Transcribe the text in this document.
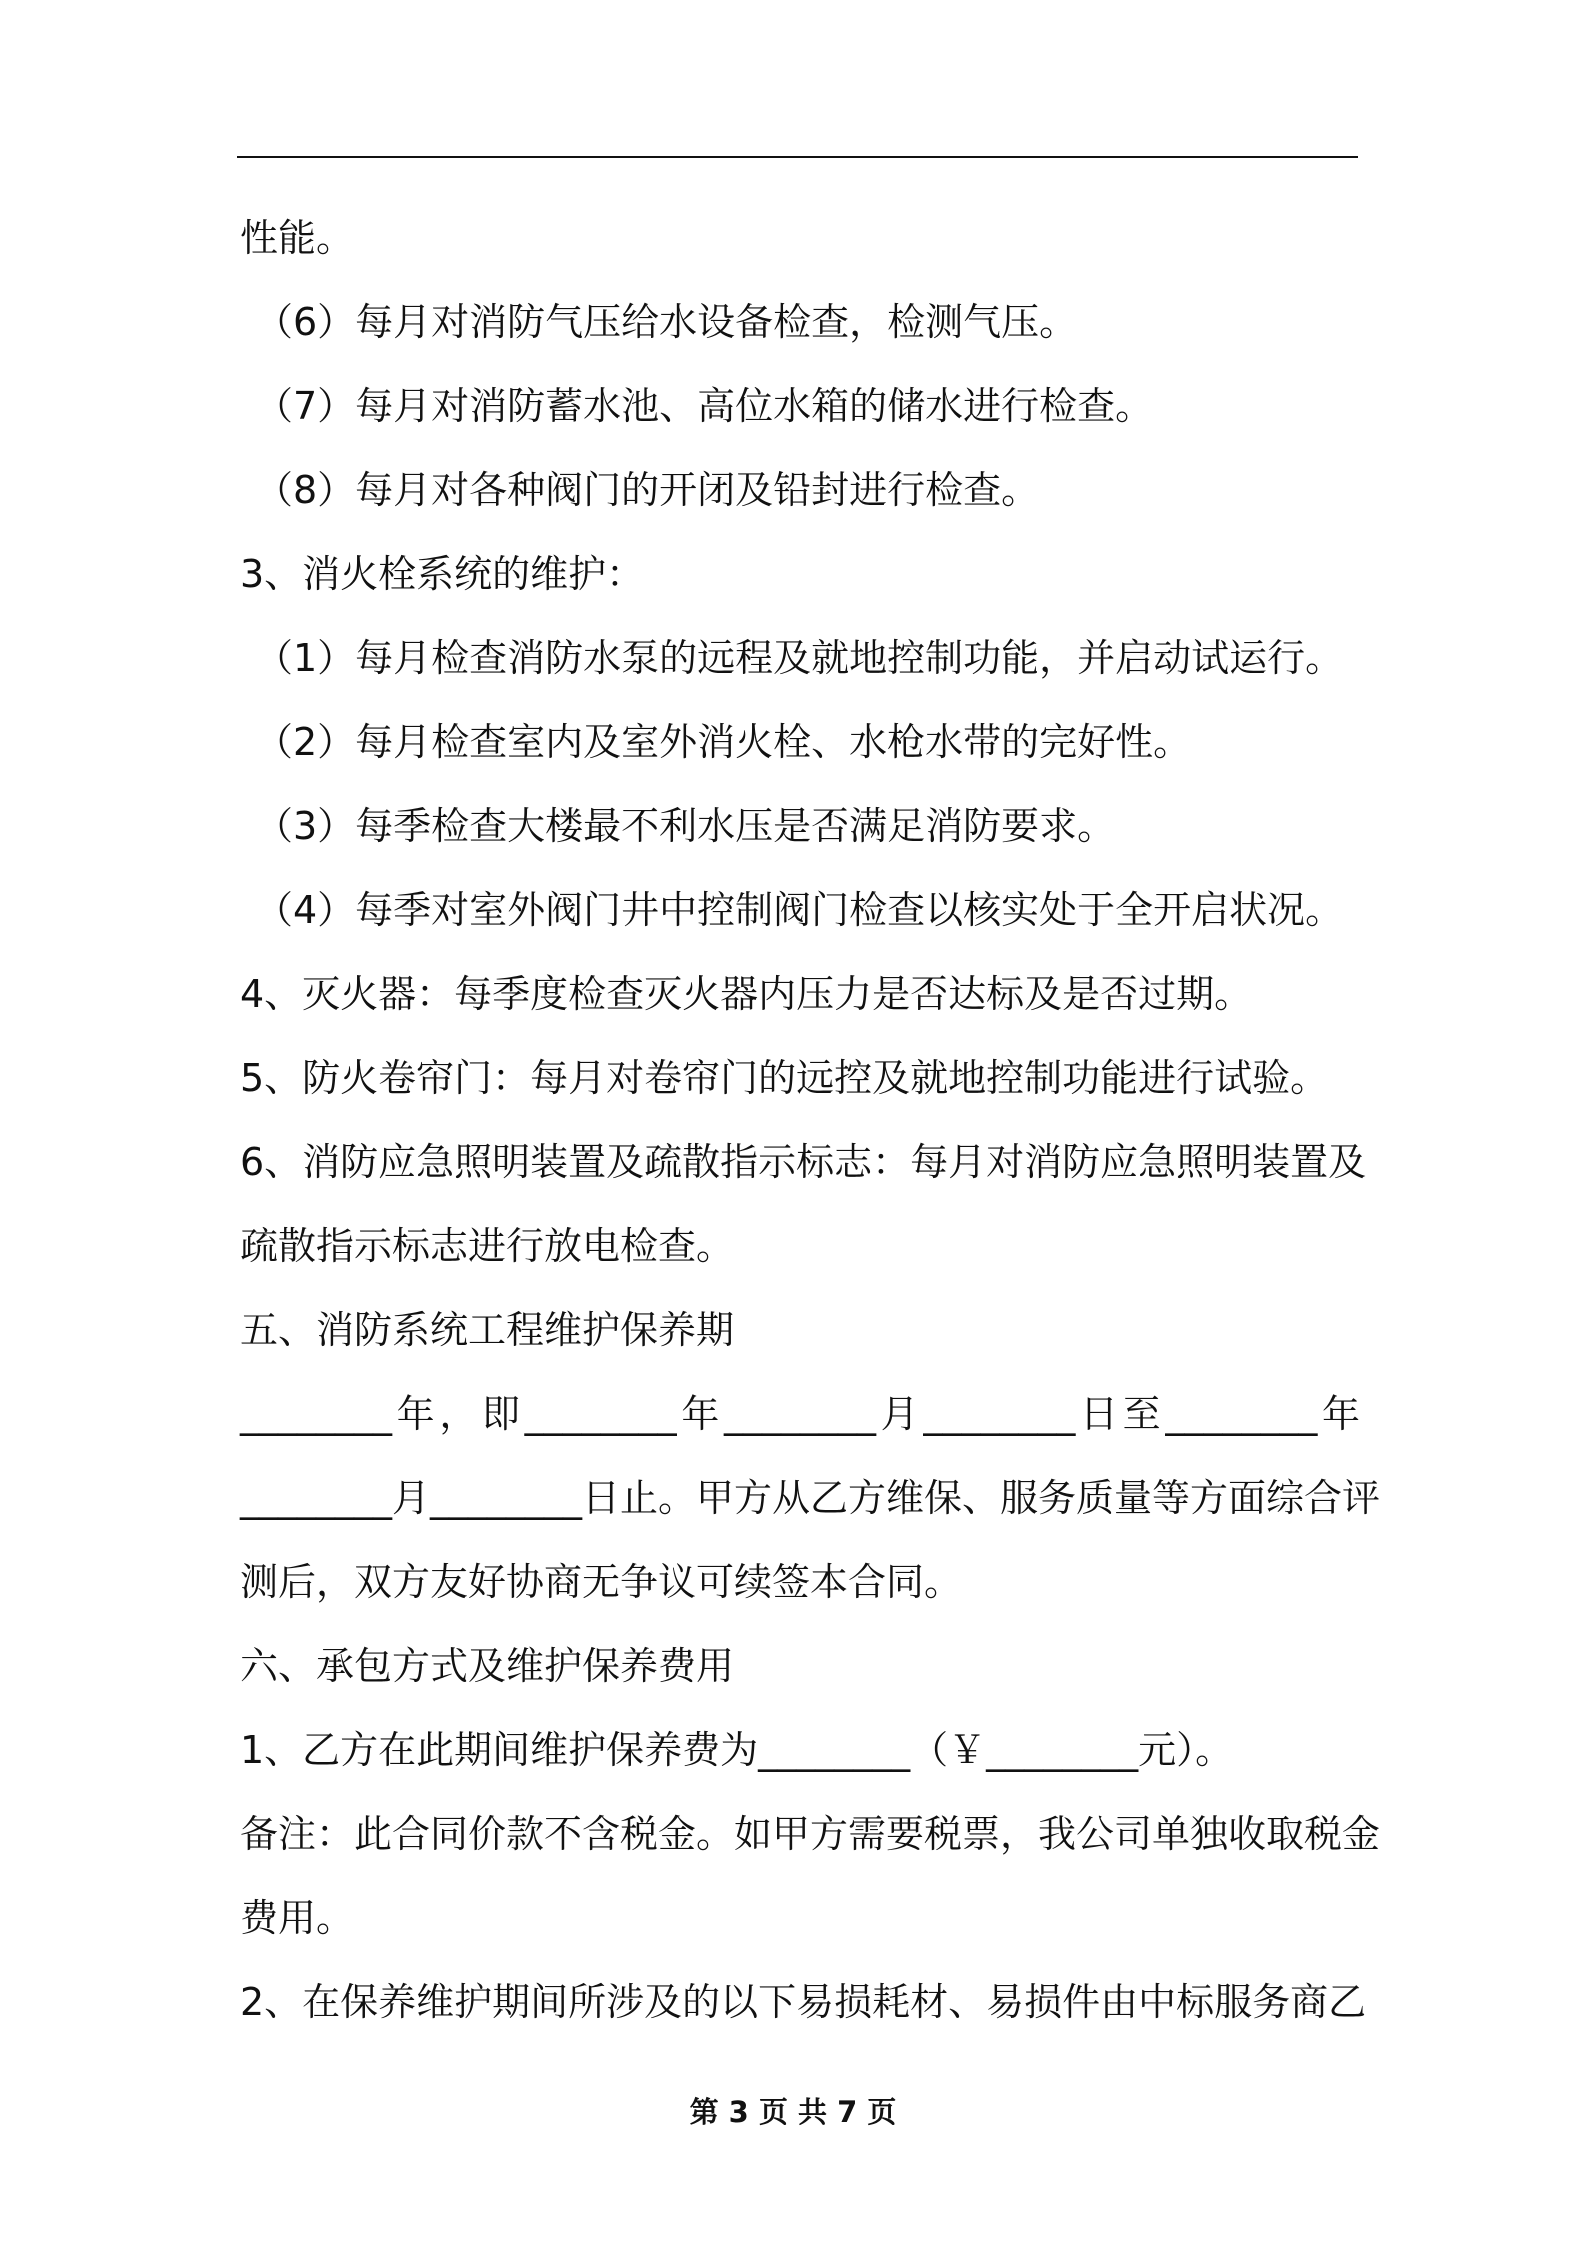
性能。
（6）每月对消防气压给水设备检查，检测气压。
（7）每月对消防蓄水池、高位水箱的储水进行检查。
（8）每月对各种阀门的开闭及铅封进行检查。
3、消火栓系统的维护：
（1）每月检查消防水泵的远程及就地控制功能，并启动试运行。
（2）每月检查室内及室外消火栓、水枪水带的完好性。
（3）每季检查大楼最不利水压是否满足消防要求。
（4）每季对室外阀门井中控制阀门检查以核实处于全开启状况。
4、灭火器：每季度检查灭火器内压力是否达标及是否过期。
5、防火卷帘门：每月对卷帘门的远控及就地控制功能进行试验。
6、消防应急照明装置及疏散指示标志：每月对消防应急照明装置及
疏散指示标志进行放电检查。
五、消防系统工程维护保养期
________年，即________年________月________日至________年
________月________日止。甲方从乙方维保、服务质量等方面综合评
测后，双方友好协商无争议可续签本合同。
六、承包方式及维护保养费用
1、乙方在此期间维护保养费为________（￥________元）。
备注：此合同价款不含税金。如甲方需要税票，我公司单独收取税金
费用。
2、在保养维护期间所涉及的以下易损耗材、易损件由中标服务商乙
第 3 页 共 7 页
